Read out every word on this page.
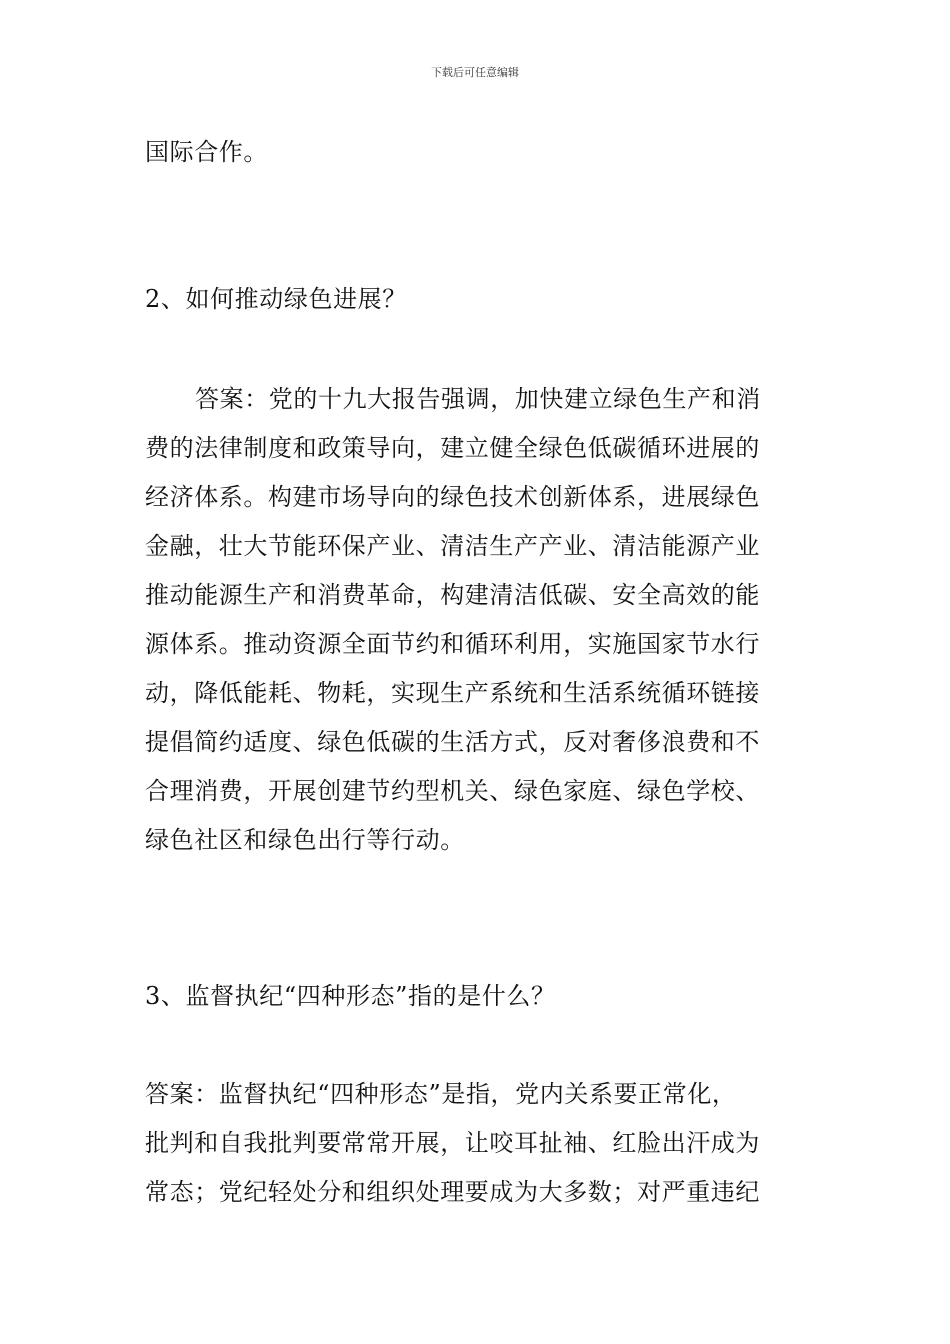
下载后可任意编辑
国际合作。
2、如何推动绿色进展？
答案：党的十九大报告强调，加快建立绿色生产和消
费的法律制度和政策导向，建立健全绿色低碳循环进展的
经济体系。构建市场导向的绿色技术创新体系，进展绿色
金融，壮大节能环保产业、清洁生产产业、清洁能源产业
推动能源生产和消费革命，构建清洁低碳、安全高效的能
源体系。推动资源全面节约和循环利用，实施国家节水行
动，降低能耗、物耗，实现生产系统和生活系统循环链接
提倡简约适度、绿色低碳的生活方式，反对奢侈浪费和不
合理消费，开展创建节约型机关、绿色家庭、绿色学校、
绿色社区和绿色出行等行动。
3、监督执纪“四种形态”指的是什么？
答案：监督执纪“四种形态”是指，党内关系要正常化，
批判和自我批判要常常开展，让咬耳扯袖、红脸出汗成为
常态；党纪轻处分和组织处理要成为大多数；对严重违纪
